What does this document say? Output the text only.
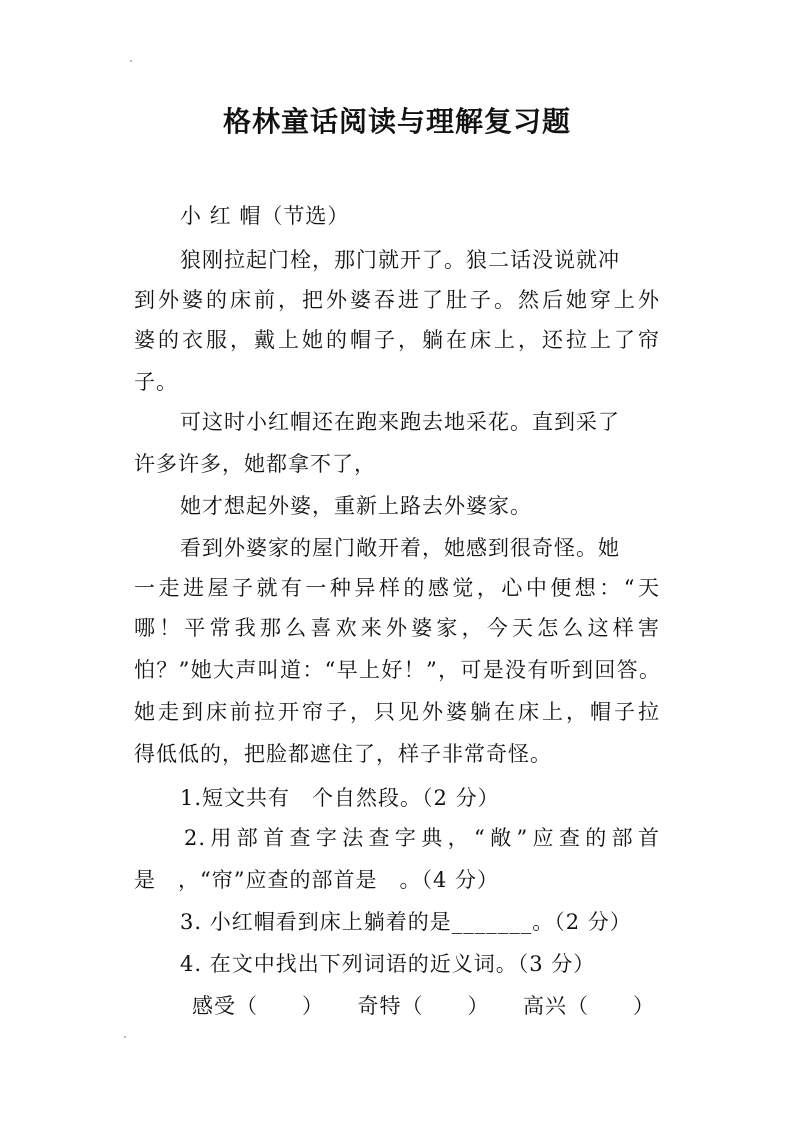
格林童话阅读与理解复习题
小 红 帽（节选）
狼刚拉起门栓，那门就开了。狼二话没说就冲
到外婆的床前，把外婆吞进了肚子。然后她穿上外
婆的衣服，戴上她的帽子，躺在床上，还拉上了帘
子。
可这时小红帽还在跑来跑去地采花。直到采了
许多许多，她都拿不了，
她才想起外婆，重新上路去外婆家。
看到外婆家的屋门敞开着，她感到很奇怪。她
一走进屋子就有一种异样的感觉，心中便想：“天
哪！平常我那么喜欢来外婆家，今天怎么这样害
怕？”她大声叫道：“早上好！”，可是没有听到回答。
她走到床前拉开帘子，只见外婆躺在床上，帽子拉
得低低的，把脸都遮住了，样子非常奇怪。
1.短文共有　个自然段。（2 分）
2.用部首查字法查字典，“敞”应查的部首
是　，“帘”应查的部首是　。（4 分）
3. 小红帽看到床上躺着的是_______。（2 分）
4. 在文中找出下列词语的近义词。（3 分）
感受（　　）　　奇特（　　）　　高兴（　　）
